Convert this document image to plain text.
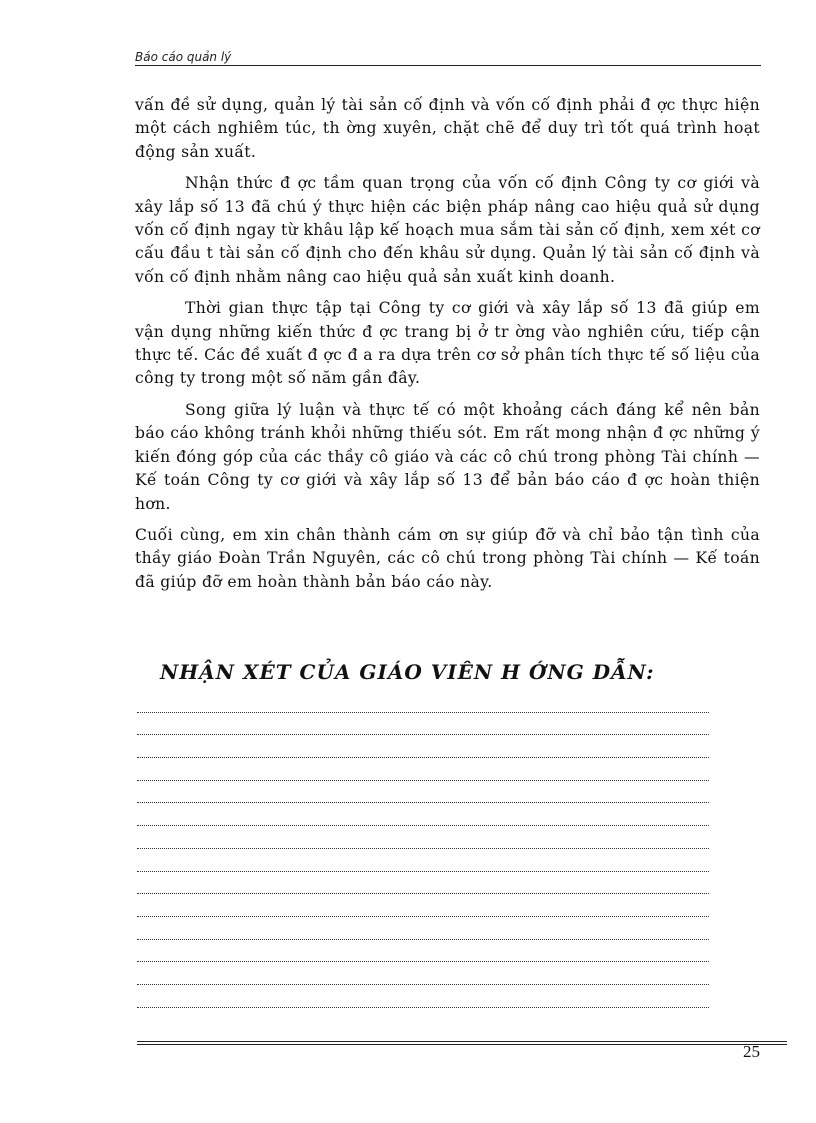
Báo cáo quản lý

vấn đề sử dụng, quản lý tài sản cố định và vốn cố định phải đ ợc thực hiện một cách nghiêm túc, th ờng xuyên, chặt chẽ để duy trì tốt quá trình hoạt động sản xuất.

Nhận thức đ ợc tầm quan trọng của vốn cố định Công ty cơ giới và xây lắp số 13 đã chú ý thực hiện các biện pháp nâng cao hiệu quả sử dụng vốn cố định ngay từ khâu lập kế hoạch mua sắm tài sản cố định, xem xét cơ cấu đầu t tài sản cố định cho đến khâu sử dụng. Quản lý tài sản cố định và vốn cố định nhằm nâng cao hiệu quả sản xuất kinh doanh.

Thời gian thực tập tại Công ty cơ giới và xây lắp số 13 đã giúp em vận dụng những kiến thức đ ợc trang bị ở tr ờng vào nghiên cứu, tiếp cận thực tế. Các đề xuất đ ợc đ a ra dựa trên cơ sở phân tích thực tế số liệu của công ty trong một số năm gần đây.

Song giữa lý luận và thực tế có một khoảng cách đáng kể nên bản báo cáo không tránh khỏi những thiếu sót. Em rất mong nhận đ ợc những ý kiến đóng góp của các thầy cô giáo và các cô chú trong phòng Tài chính — Kế toán Công ty cơ giới và xây lắp số 13 để bản báo cáo đ ợc hoàn thiện hơn.

Cuối cùng, em xin chân thành cám ơn sự giúp đỡ và chỉ bảo tận tình của thầy giáo Đoàn Trần Nguyên, các cô chú trong phòng Tài chính — Kế toán đã giúp đỡ em hoàn thành bản báo cáo này.

NHẬN XÉT CỦA GIÁO VIÊN H ỚNG DẪN:
25
